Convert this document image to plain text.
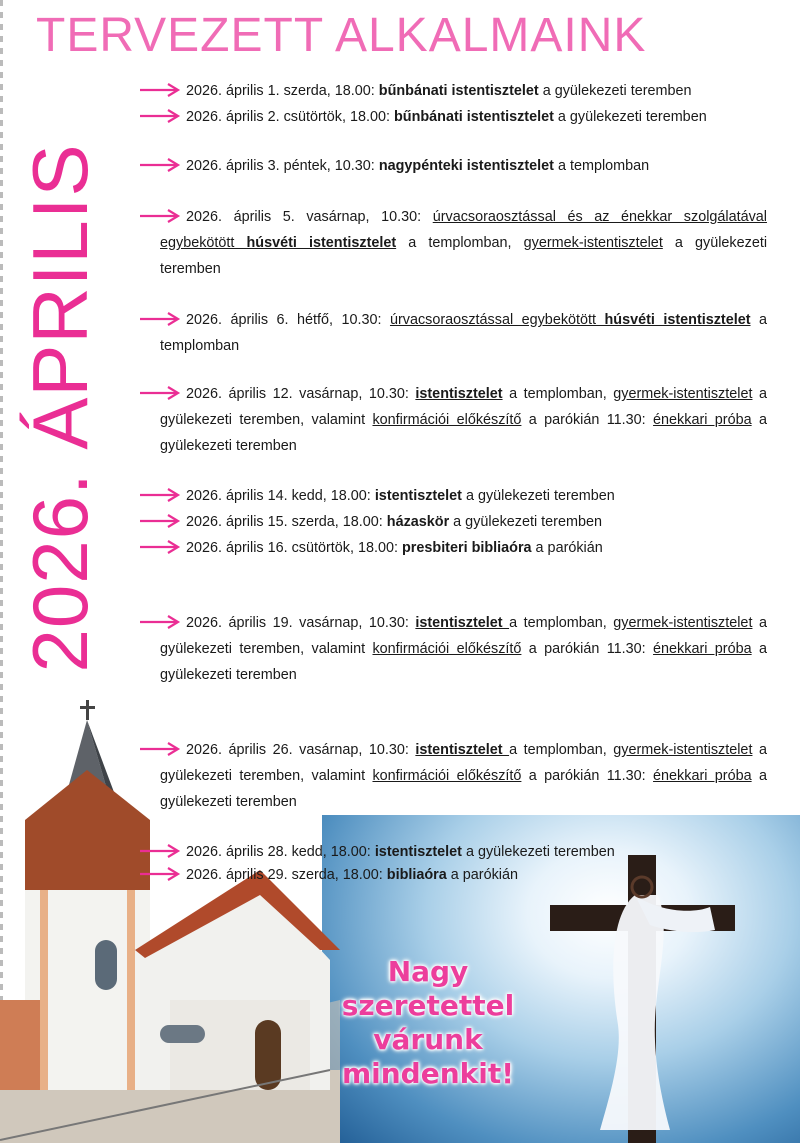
TERVEZETT ALKALMAINK
2026. ÁPRILIS
Nagy
szeretettel
várunk
mindenkit!
2026. április 1. szerda, 18.00: bűnbánati istentisztelet a gyülekezeti teremben
2026. április 2. csütörtök, 18.00: bűnbánati istentisztelet a gyülekezeti teremben
2026. április 3. péntek, 10.30: nagypénteki istentisztelet a templomban
2026. április 5. vasárnap, 10.30: úrvacsoraosztással és az énekkar szolgálatával egybekötött húsvéti istentisztelet a templomban, gyermek-istentisztelet a gyülekezeti teremben
2026. április 6. hétfő, 10.30: úrvacsoraosztással egybekötött húsvéti istentisztelet a templomban
2026. április 12. vasárnap, 10.30: istentisztelet a templomban, gyermek-istentisztelet a gyülekezeti teremben, valamint konfirmációi előkészítő a parókián 11.30: énekkari próba a gyülekezeti teremben
2026. április 14. kedd, 18.00: istentisztelet a gyülekezeti teremben
2026. április 15. szerda, 18.00: házaskör a gyülekezeti teremben
2026. április 16. csütörtök, 18.00: presbiteri bibliaóra a parókián
2026. április 19. vasárnap, 10.30: istentisztelet a templomban, gyermek-istentisztelet a gyülekezeti teremben, valamint konfirmációi előkészítő a parókián 11.30: énekkari próba a gyülekezeti teremben
2026. április 26. vasárnap, 10.30: istentisztelet a templomban, gyermek-istentisztelet a gyülekezeti teremben, valamint konfirmációi előkészítő a parókián 11.30: énekkari próba a gyülekezeti teremben
2026. április 28. kedd, 18.00: istentisztelet a gyülekezeti teremben
2026. április 29. szerda, 18.00: bibliaóra a parókián
